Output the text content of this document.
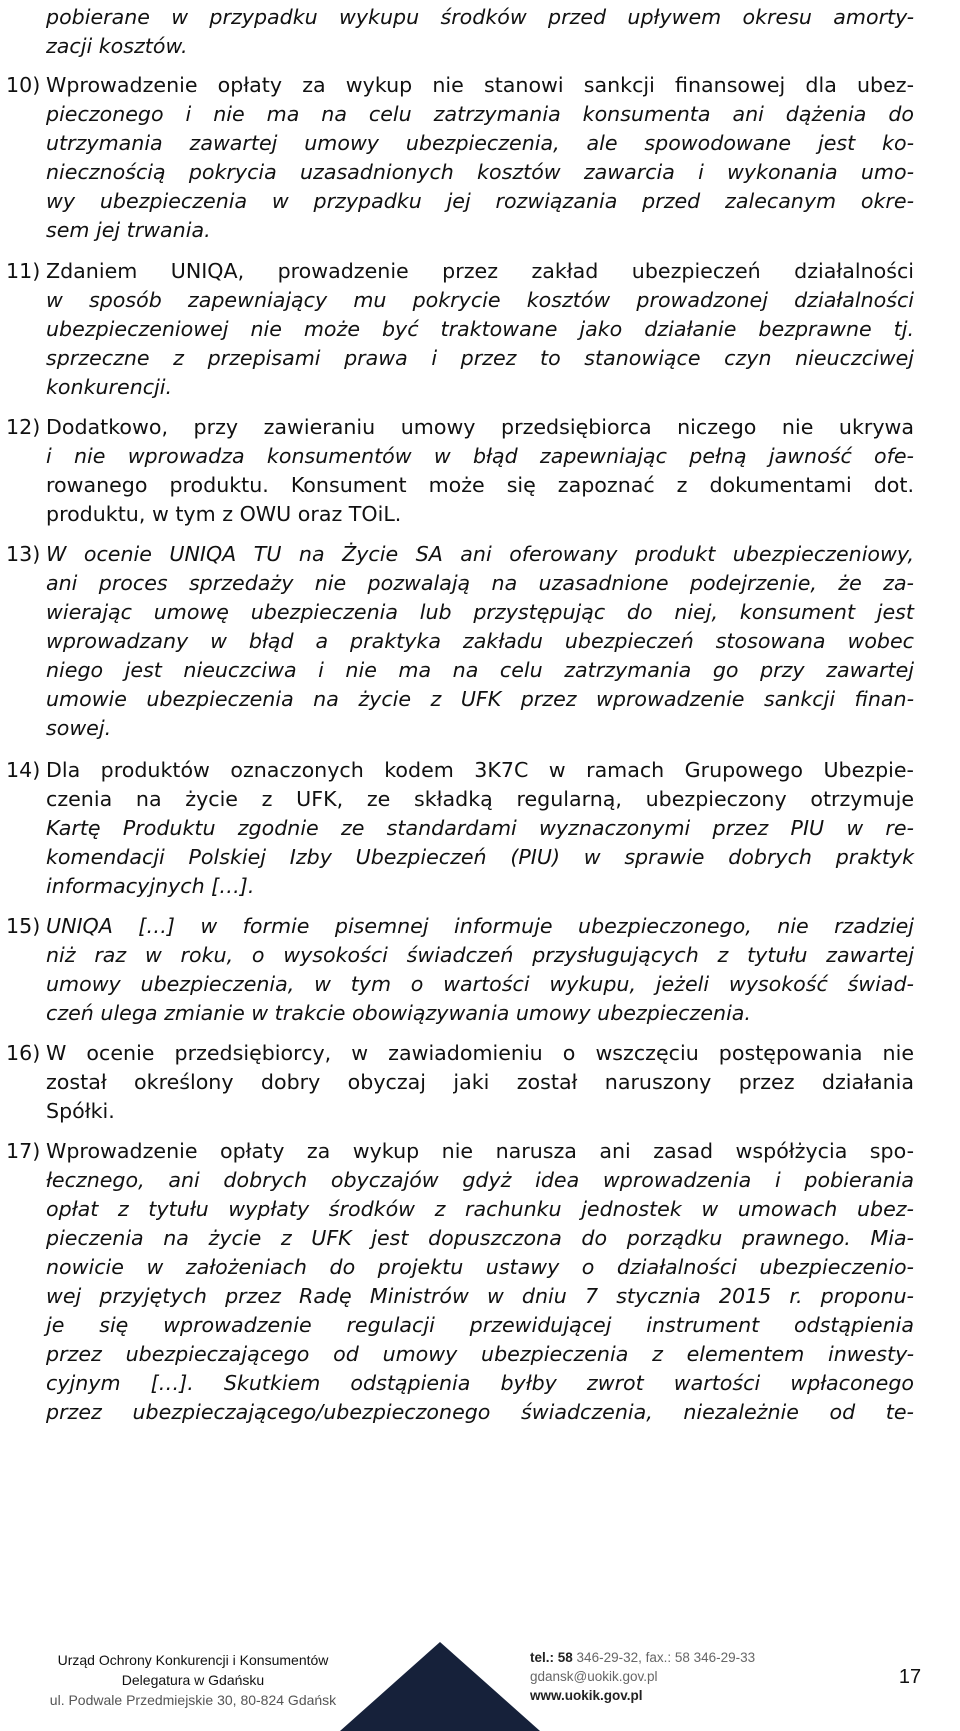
pobierane w przypadku wykupu środków przed upływem okresu amorty-
zacji kosztów.
10) Wprowadzenie opłaty za wykup nie stanowi sankcji finansowej dla ubez-
pieczonego i nie ma na celu zatrzymania konsumenta ani dążenia do
utrzymania zawartej umowy ubezpieczenia, ale spowodowane jest ko-
niecznością pokrycia uzasadnionych kosztów zawarcia i wykonania umo-
wy ubezpieczenia w przypadku jej rozwiązania przed zalecanym okre-
sem jej trwania.
11) Zdaniem UNIQA, prowadzenie przez zakład ubezpieczeń działalności
w sposób zapewniający mu pokrycie kosztów prowadzonej działalności
ubezpieczeniowej nie może być traktowane jako działanie bezprawne tj.
sprzeczne z przepisami prawa i przez to stanowiące czyn nieuczciwej
konkurencji.
12) Dodatkowo, przy zawieraniu umowy przedsiębiorca niczego nie ukrywa
i nie wprowadza konsumentów w błąd zapewniając pełną jawność ofe-
rowanego produktu. Konsument może się zapoznać z dokumentami dot.
produktu, w tym z OWU oraz TOiL.
13) W ocenie UNIQA TU na Życie SA ani oferowany produkt ubezpieczeniowy,
ani proces sprzedaży nie pozwalają na uzasadnione podejrzenie, że za-
wierając umowę ubezpieczenia lub przystępując do niej, konsument jest
wprowadzany w błąd a praktyka zakładu ubezpieczeń stosowana wobec
niego jest nieuczciwa i nie ma na celu zatrzymania go przy zawartej
umowie ubezpieczenia na życie z UFK przez wprowadzenie sankcji finan-
sowej.
14) Dla produktów oznaczonych kodem 3K7C w ramach Grupowego Ubezpie-
czenia na życie z UFK, ze składką regularną, ubezpieczony otrzymuje
Kartę Produktu zgodnie ze standardami wyznaczonymi przez PIU w re-
komendacji Polskiej Izby Ubezpieczeń (PIU) w sprawie dobrych praktyk
informacyjnych […].
15) UNIQA […] w formie pisemnej informuje ubezpieczonego, nie rzadziej
niż raz w roku, o wysokości świadczeń przysługujących z tytułu zawartej
umowy ubezpieczenia, w tym o wartości wykupu, jeżeli wysokość świad-
czeń ulega zmianie w trakcie obowiązywania umowy ubezpieczenia.
16) W ocenie przedsiębiorcy, w zawiadomieniu o wszczęciu postępowania nie
został określony dobry obyczaj jaki został naruszony przez działania
Spółki.
17) Wprowadzenie opłaty za wykup nie narusza ani zasad współżycia spo-
łecznego, ani dobrych obyczajów gdyż idea wprowadzenia i pobierania
opłat z tytułu wypłaty środków z rachunku jednostek w umowach ubez-
pieczenia na życie z UFK jest dopuszczona do porządku prawnego. Mia-
nowicie w założeniach do projektu ustawy o działalności ubezpieczenio-
wej przyjętych przez Radę Ministrów w dniu 7 stycznia 2015 r. proponu-
je się wprowadzenie regulacji przewidującej instrument odstąpienia
przez ubezpieczającego od umowy ubezpieczenia z elementem inwesty-
cyjnym […]. Skutkiem odstąpienia byłby zwrot wartości wpłaconego
przez ubezpieczającego/ubezpieczonego świadczenia, niezależnie od te-
Urząd Ochrony Konkurencji i Konsumentów
Delegatura w Gdańsku
ul. Podwale Przedmiejskie 30, 80-824 Gdańsk
tel.: 58 346-29-32, fax.: 58 346-29-33
gdansk@uokik.gov.pl
www.uokik.gov.pl
17
